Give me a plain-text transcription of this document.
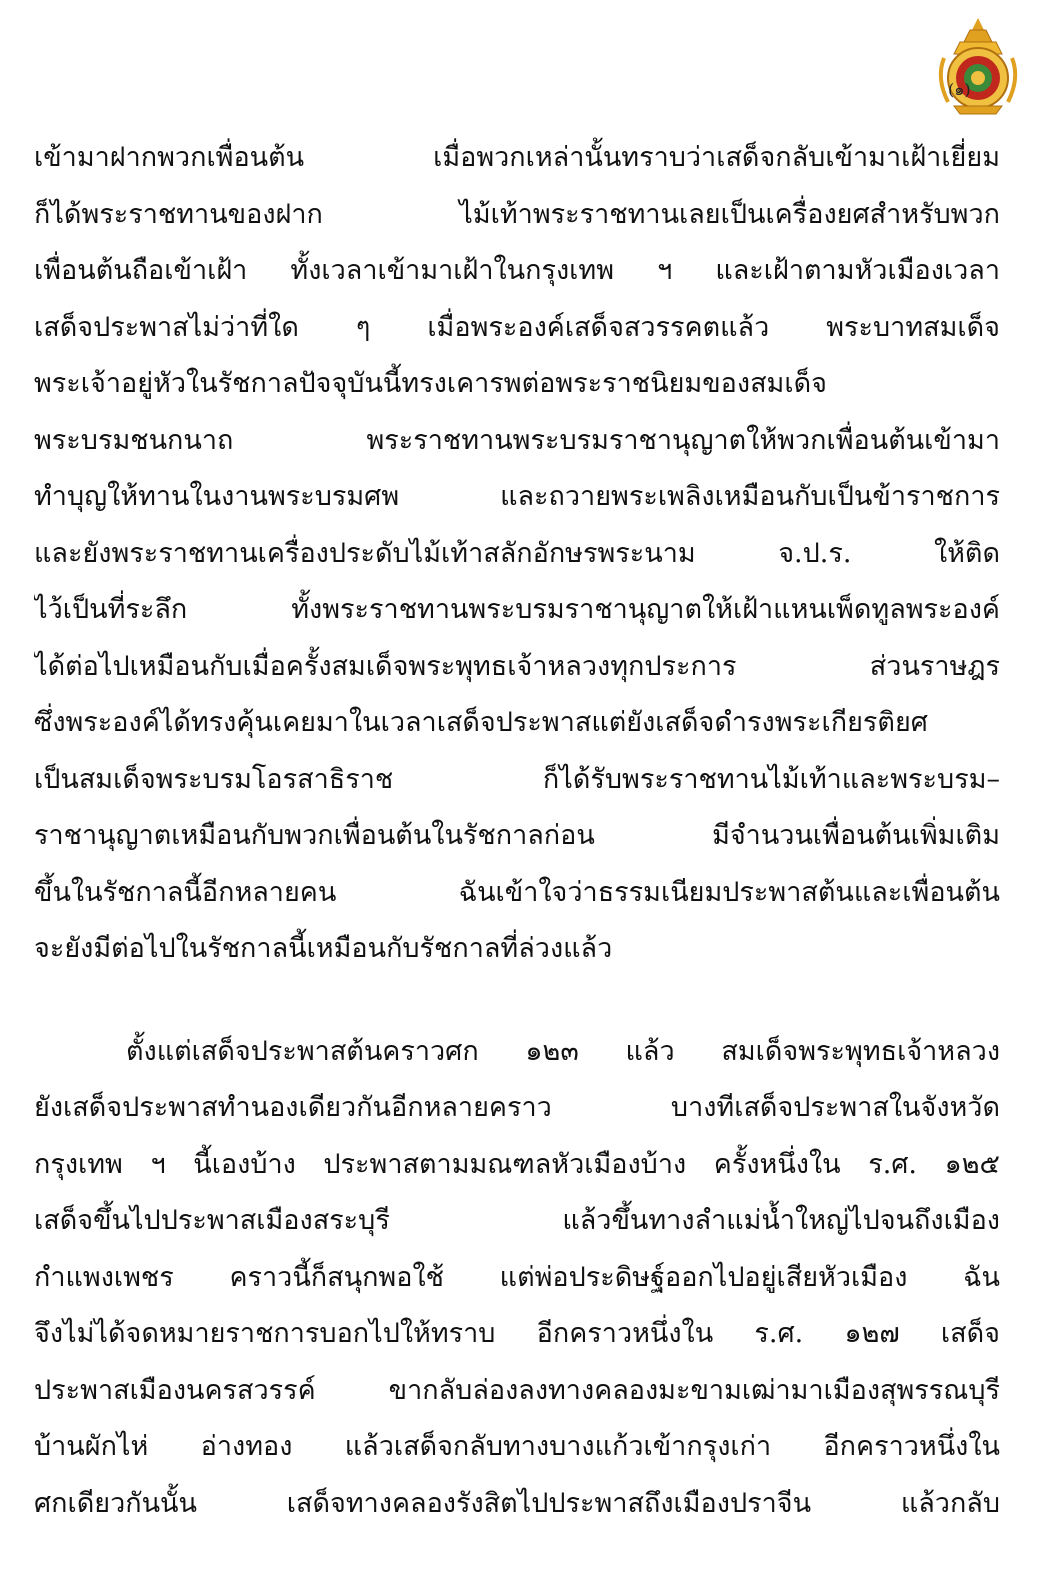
(๑)
เข้ามาฝากพวกเพื่อนต้น เมื่อพวกเหล่านั้นทราบว่าเสด็จกลับเข้ามาเฝ้าเยี่ยม
ก็ได้พระราชทานของฝาก ไม้เท้าพระราชทานเลยเป็นเครื่องยศสำหรับพวก
เพื่อนต้นถือเข้าเฝ้า ทั้งเวลาเข้ามาเฝ้าในกรุงเทพ ฯ และเฝ้าตามหัวเมืองเวลา
เสด็จประพาสไม่ว่าที่ใด ๆ เมื่อพระองค์เสด็จสวรรคตแล้ว พระบาทสมเด็จ
พระเจ้าอยู่หัวในรัชกาลปัจจุบันนี้ทรงเคารพต่อพระราชนิยมของสมเด็จ
พระบรมชนกนาถ พระราชทานพระบรมราชานุญาตให้พวกเพื่อนต้นเข้ามา
ทำบุญให้ทานในงานพระบรมศพ และถวายพระเพลิงเหมือนกับเป็นข้าราชการ
และยังพระราชทานเครื่องประดับไม้เท้าสลักอักษรพระนาม จ.ป.ร. ให้ติด
ไว้เป็นที่ระลึก ทั้งพระราชทานพระบรมราชานุญาตให้เฝ้าแหนเพ็ดทูลพระองค์
ได้ต่อไปเหมือนกับเมื่อครั้งสมเด็จพระพุทธเจ้าหลวงทุกประการ ส่วนราษฎร
ซึ่งพระองค์ได้ทรงคุ้นเคยมาในเวลาเสด็จประพาสแต่ยังเสด็จดำรงพระเกียรติยศ
เป็นสมเด็จพระบรมโอรสาธิราช ก็ได้รับพระราชทานไม้เท้าและพระบรม–
ราชานุญาตเหมือนกับพวกเพื่อนต้นในรัชกาลก่อน มีจำนวนเพื่อนต้นเพิ่มเติม
ขึ้นในรัชกาลนี้อีกหลายคน ฉันเข้าใจว่าธรรมเนียมประพาสต้นและเพื่อนต้น
จะยังมีต่อไปในรัชกาลนี้เหมือนกับรัชกาลที่ล่วงแล้ว
ตั้งแต่เสด็จประพาสต้นคราวศก ๑๒๓ แล้ว สมเด็จพระพุทธเจ้าหลวง
ยังเสด็จประพาสทำนองเดียวกันอีกหลายคราว บางทีเสด็จประพาสในจังหวัด
กรุงเทพ ฯ นี้เองบ้าง ประพาสตามมณฑลหัวเมืองบ้าง ครั้งหนึ่งใน ร.ศ. ๑๒๕
เสด็จขึ้นไปประพาสเมืองสระบุรี แล้วขึ้นทางลำแม่น้ำใหญ่ไปจนถึงเมือง
กำแพงเพชร คราวนี้ก็สนุกพอใช้ แต่พ่อประดิษฐ์ออกไปอยู่เสียหัวเมือง ฉัน
จึงไม่ได้จดหมายราชการบอกไปให้ทราบ อีกคราวหนึ่งใน ร.ศ. ๑๒๗ เสด็จ
ประพาสเมืองนครสวรรค์ ขากลับล่องลงทางคลองมะขามเฒ่ามาเมืองสุพรรณบุรี
บ้านผักไห่ อ่างทอง แล้วเสด็จกลับทางบางแก้วเข้ากรุงเก่า อีกคราวหนึ่งใน
ศกเดียวกันนั้น เสด็จทางคลองรังสิตไปประพาสถึงเมืองปราจีน แล้วกลับ
